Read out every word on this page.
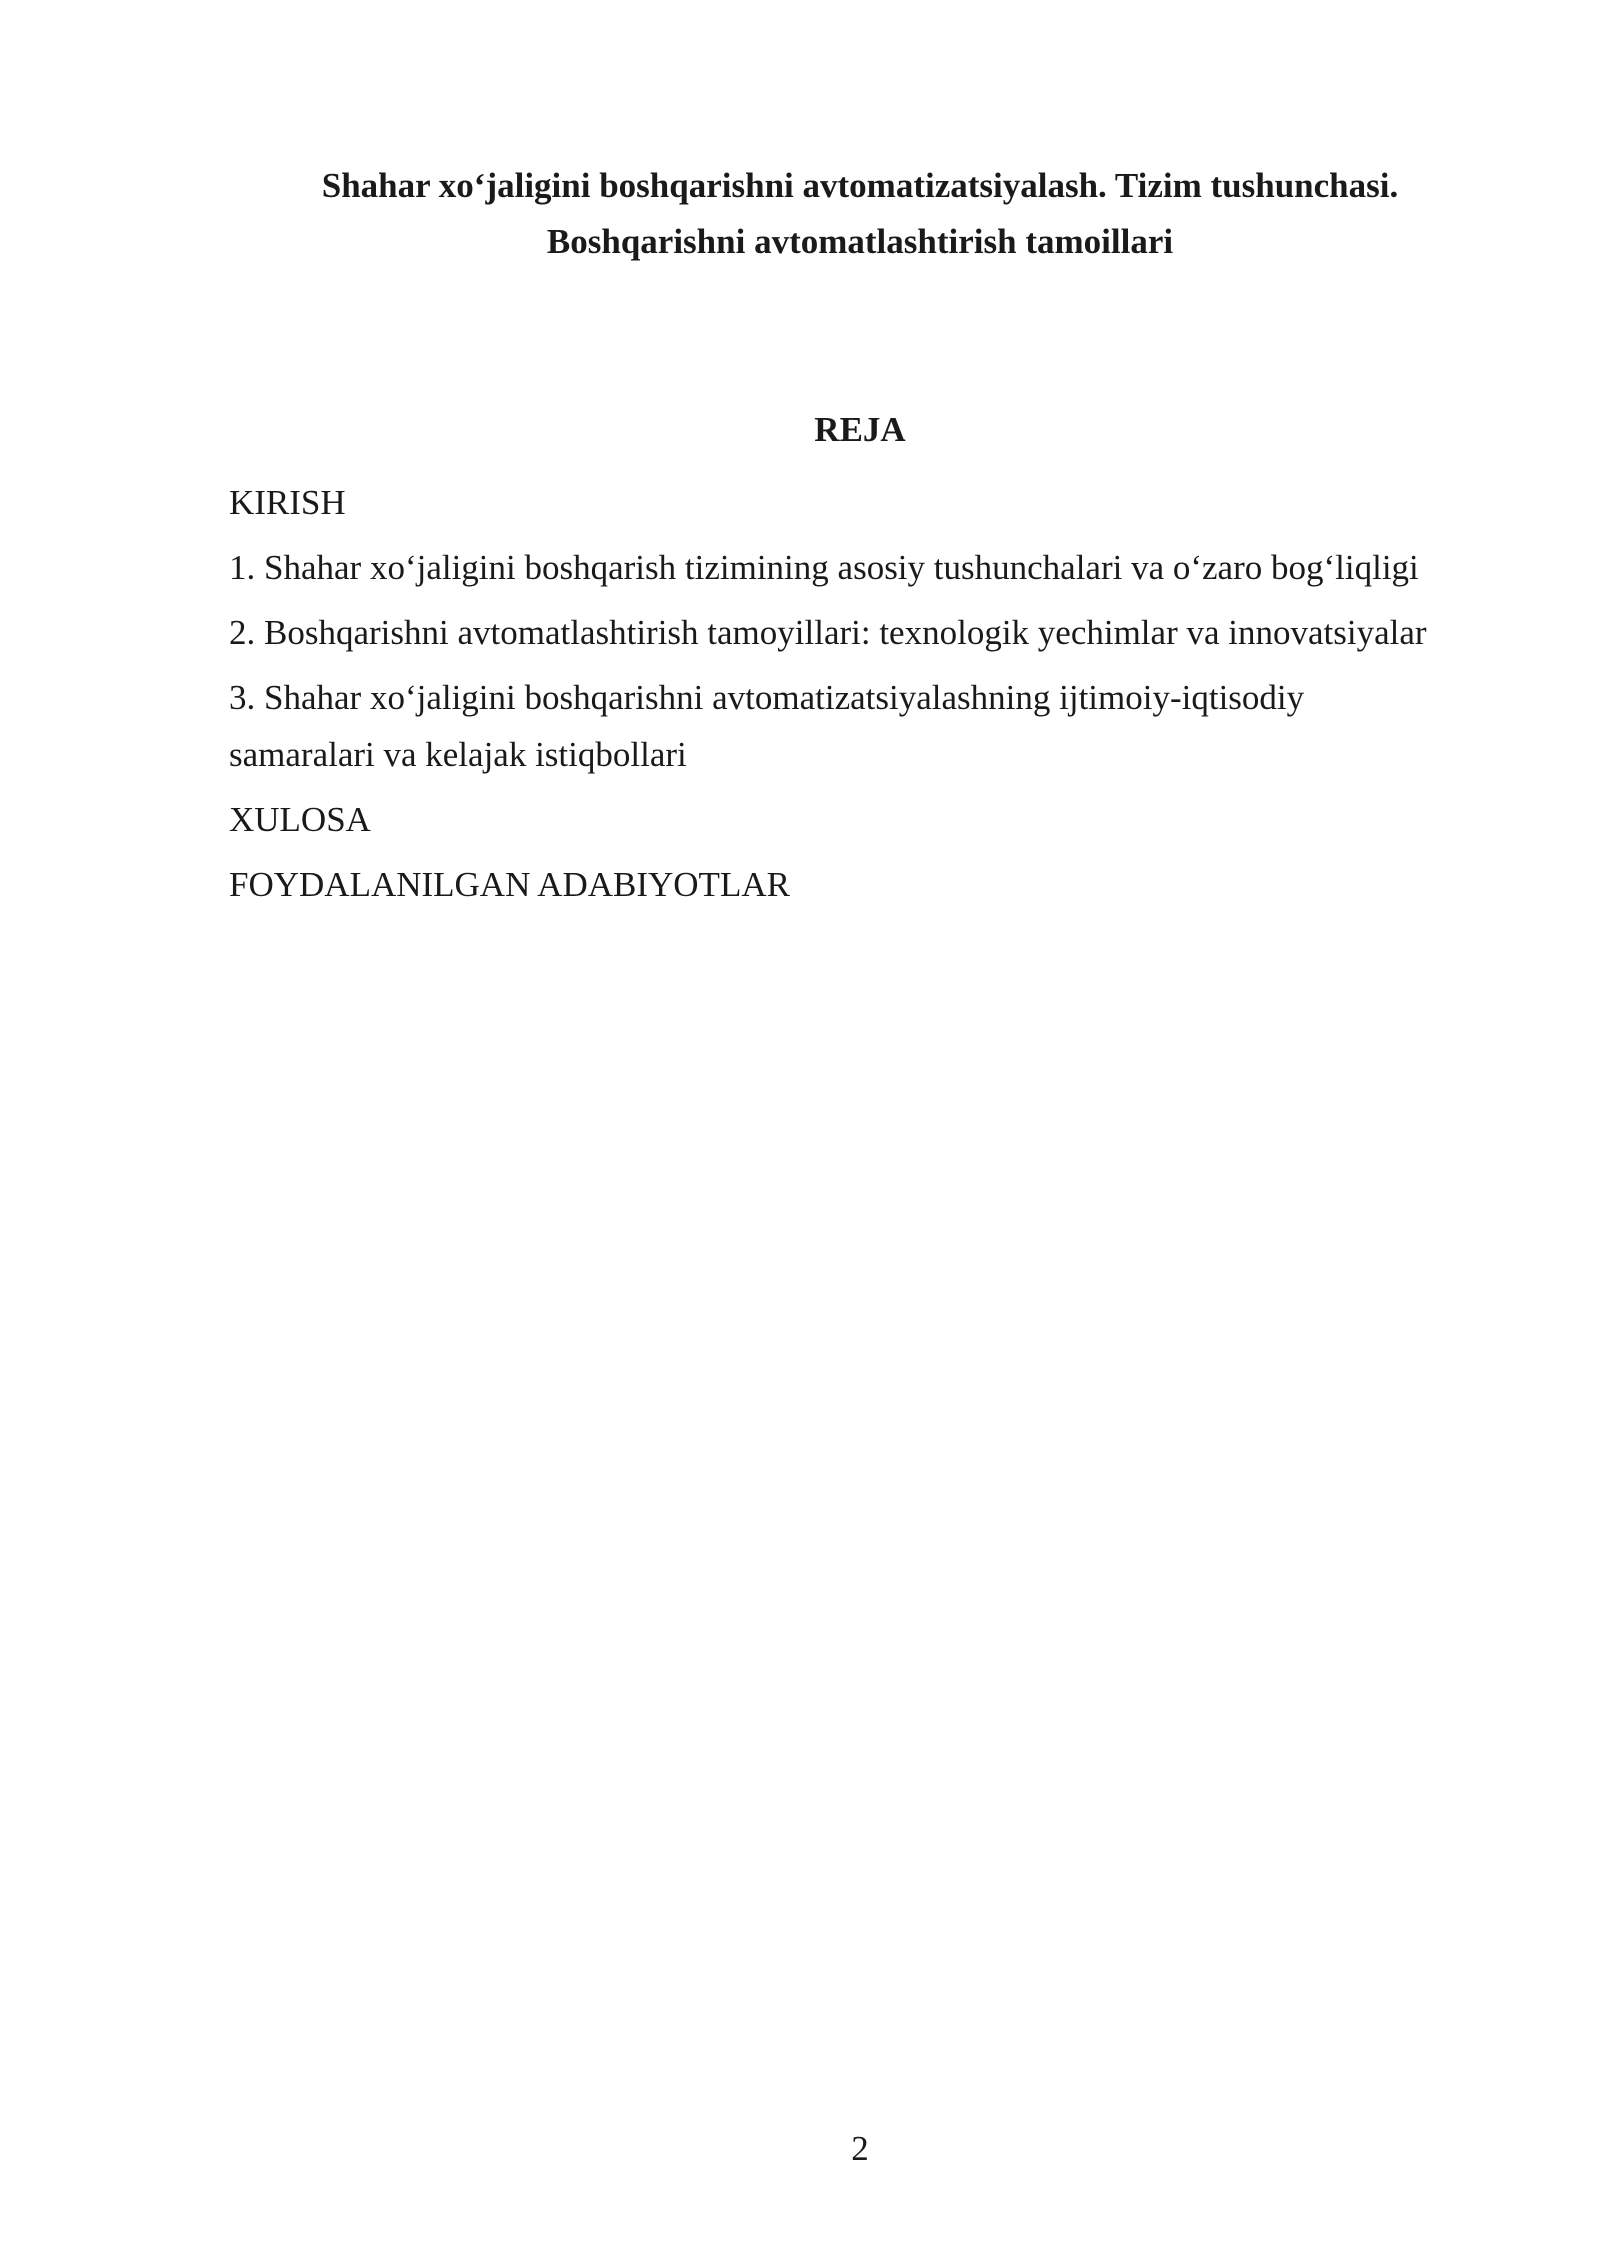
Shahar xo‘jaligini boshqarishni avtomatizatsiyalash. Tizim tushunchasi.
Boshqarishni avtomatlashtirish tamoillari
REJA
KIRISH
1. Shahar xo‘jaligini boshqarish tizimining asosiy tushunchalari va o‘zaro bog‘liqligi
2. Boshqarishni avtomatlashtirish tamoyillari: texnologik yechimlar va innovatsiyalar
3. Shahar xo‘jaligini boshqarishni avtomatizatsiyalashning ijtimoiy-iqtisodiy samaralari va kelajak istiqbollari
XULOSA
FOYDALANILGAN ADABIYOTLAR
2
